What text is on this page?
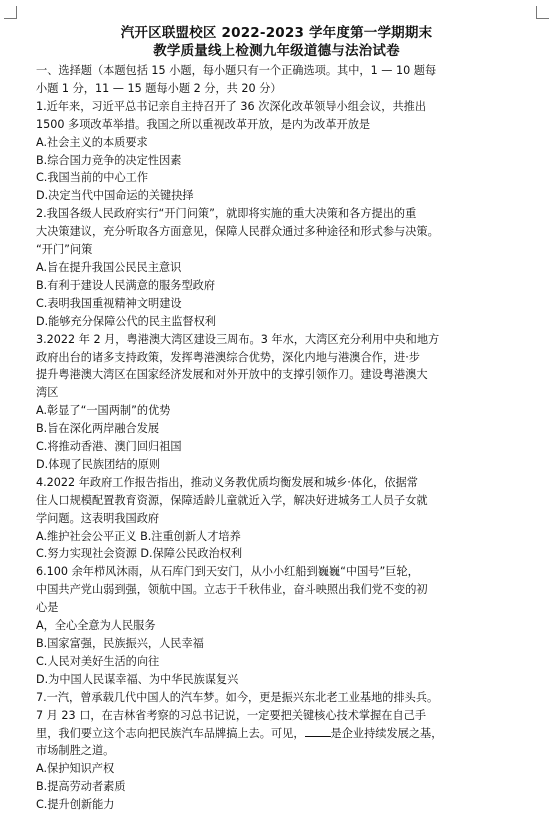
汽开区联盟校区 2022-2023 学年度第一学期期末
教学质量线上检测九年级道德与法治试卷
一、选择题（本题包括 15 小题，每小题只有一个正确选项。其中，1 — 10 题每
小题 1 分，11 — 15 题每小题 2 分，共 20 分）
1.近年来，习近平总书记亲自主持召开了 36 次深化改革领导小组会议，共推出
1500 多项改革举措。我国之所以重视改革开放，是内为改革开放是
A.社会主义的本质要求
B.综合国力竞争的决定性因素
C.我国当前的中心工作
D.决定当代中国命运的关键抉择
2.我国各级人民政府实行“开门问策”，就即将实施的重大决策和各方提出的重
大决策建议，充分听取各方面意见，保障人民群众通过多种途径和形式参与决策。
“开门”问策
A.旨在提升我国公民民主意识
B.有利于建设人民满意的服务型政府
C.表明我国重视精神文明建设
D.能够充分保障公代的民主监督权利
3.2022 年 2 月，粤港澳大湾区建设三周布。3 年水，大湾区充分利用中央和地方
政府出台的诸多支持政策，发挥粤港澳综合优势，深化内地与港澳合作，进·步
提升粤港澳大湾区在国家经济发展和对外开放中的支撑引领作刀。建设粤港澳大
湾区
A.彰显了“一国两制”的优势
B.旨在深化两岸融合发展
C.将推动香港、澳门回归祖国
D.体现了民族团结的原则
4.2022 年政府工作报告指出，推动义务教优质均衡发展和城乡·体化，依据常
住人口规模配置教育资源，保障适龄儿童就近入学，解决好进城务工人员子女就
学问题。这表明我国政府
A.维护社会公平正义 B.注重创新人才培养
C.努力实现社会资源 D.保障公民政治权利
6.100 余年栉风沐雨，从石库门到天安门，从小小红船到巍巍“中国号”巨轮，
中国共产党山弱到强，领航中国。立志于千秋伟业，奋斗映照出我们党不变的初
心是
A，全心全意为人民服务
B.国家富强，民族振兴，人民幸福
C.人民对美好生活的向往
D.为中国人民谋幸福、为中华民族谋复兴
7.一汽，曾承载几代中国人的汽车梦。如今，更是振兴东北老工业基地的排头兵。
7 月 23 口，在吉林省考察的习总书记说，一定要把关键核心技术掌握在自己手
里，我们要立这个志向把民族汽车品牌搞上去。可见， 是企业持续发展之基，
市场制胜之道。
A.保护知识产权
B.提高劳动者素质
C.提升创新能力
